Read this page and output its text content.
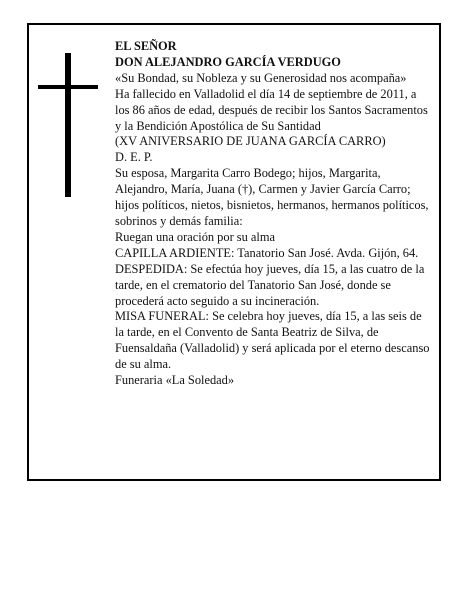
EL SEÑOR

DON ALEJANDRO GARCÍA VERDUGO

«Su Bondad, su Nobleza y su Generosidad nos acompaña»

Ha fallecido en Valladolid el día 14 de septiembre de 2011, a los 86 años de edad, después de recibir los Santos Sacramentos y la Bendición Apostólica de Su Santidad

(XV ANIVERSARIO DE JUANA GARCÍA CARRO)

D. E. P.

Su esposa, Margarita Carro Bodego; hijos, Margarita, Alejandro, María, Juana (†), Carmen y Javier García Carro; hijos políticos, nietos, bisnietos, hermanos, hermanos políticos, sobrinos y demás familia:

Ruegan una oración por su alma

CAPILLA ARDIENTE: Tanatorio San José. Avda. Gijón, 64.

DESPEDIDA: Se efectúa hoy jueves, día 15, a las cuatro de la tarde, en el crematorio del Tanatorio San José, donde se procederá acto seguido a su incineración.

MISA FUNERAL: Se celebra hoy jueves, día 15, a las seis de la tarde, en el Convento de Santa Beatriz de Silva, de Fuensaldaña (Valladolid) y será aplicada por el eterno descanso de su alma.

Funeraria «La Soledad»
